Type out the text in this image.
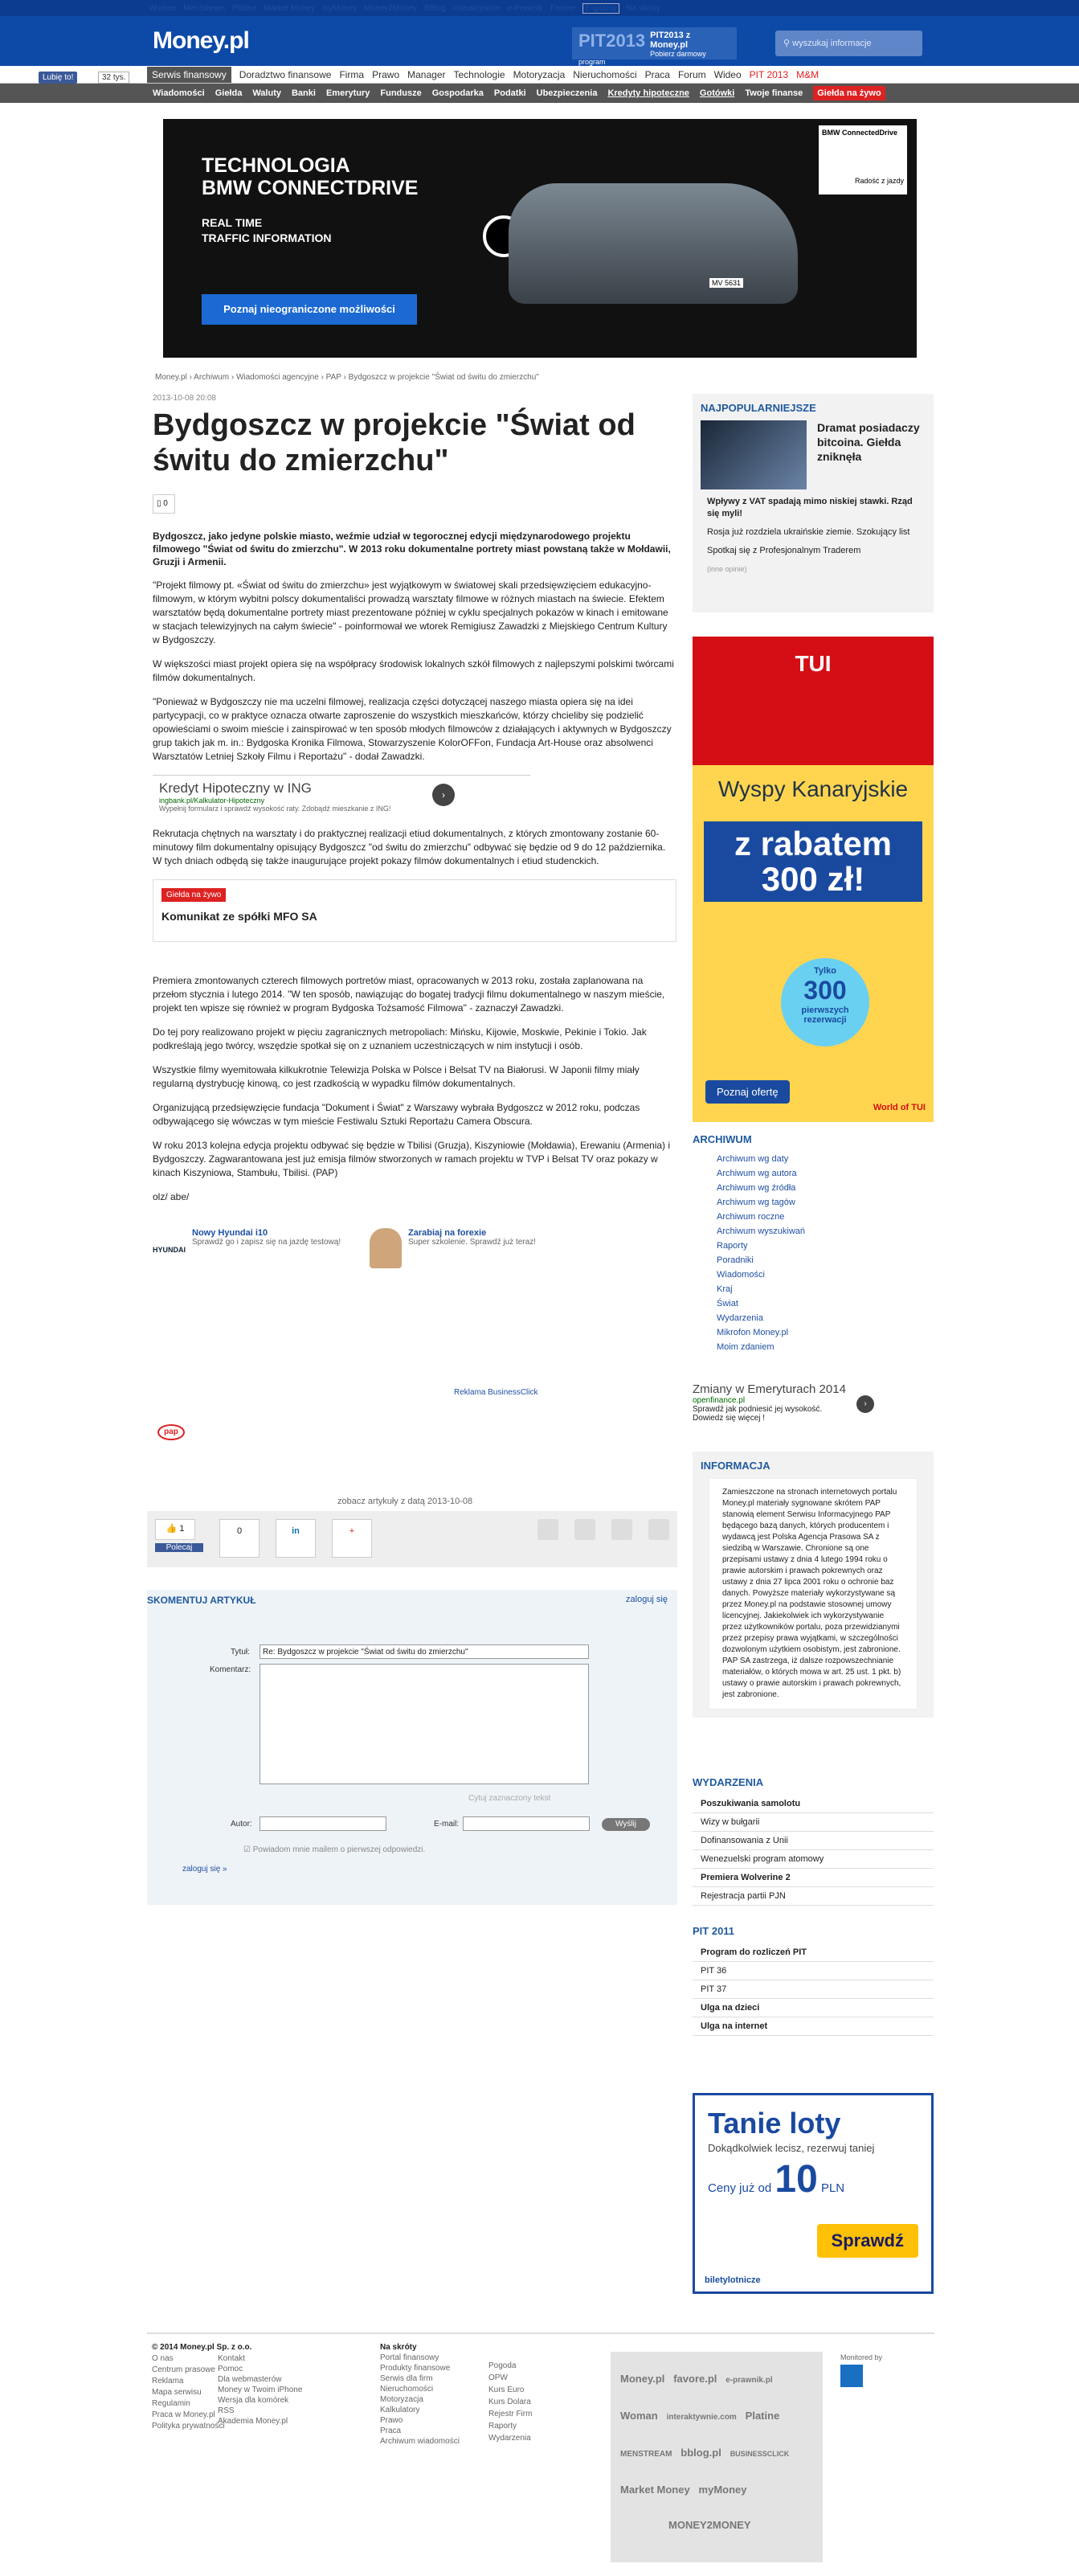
Woman MenStream Platine Market Money myMoney Money2Money BBlog Interaktywnie e-Prawnik Favore	E-gazety	Na skróty
Money.pl	PIT2013 PIT2013 z Money.pl
Pobierz darmowy program
⚲ wyszukaj informacje
Lubię to!	32 tys.	Serwis finansowy	Doradztwo finansowe Firma Prawo Manager Technologie Motoryzacja Nieruchomości Praca Forum Wideo PIT 2013 M&M
Wiadomości Giełda Waluty Banki Emerytury Fundusze Gospodarka Podatki Ubezpieczenia Kredyty hipoteczne Gotówki Twoje finanse	Giełda na żywo
TECHNOLOGIA
BMW CONNECTDRIVE
REAL TIME
TRAFFIC INFORMATION
Poznaj nieograniczone możliwości
MV 5631
BMW ConnectedDrive
Radość z jazdy
Money.pl › Archiwum › Wiadomości agencyjne › PAP › Bydgoszcz w projekcie "Świat od świtu do zmierzchu"
2013-10-08 20:08
Bydgoszcz w projekcie "Świat od świtu do zmierzchu"
▯ 0

Bydgoszcz, jako jedyne polskie miasto, weźmie udział w tegorocznej edycji międzynarodowego projektu filmowego "Świat od świtu do zmierzchu". W 2013 roku dokumentalne portrety miast powstaną także w Mołdawii, Gruzji i Armenii.

"Projekt filmowy pt. «Świat od świtu do zmierzchu» jest wyjątkowym w światowej skali przedsięwzięciem edukacyjno-filmowym, w którym wybitni polscy dokumentaliści prowadzą warsztaty filmowe w różnych miastach na świecie. Efektem warsztatów będą dokumentalne portrety miast prezentowane później w cyklu specjalnych pokazów w kinach i emitowane w stacjach telewizyjnych na całym świecie" - poinformował we wtorek Remigiusz Zawadzki z Miejskiego Centrum Kultury w Bydgoszczy.

W większości miast projekt opiera się na współpracy środowisk lokalnych szkół filmowych z najlepszymi polskimi twórcami filmów dokumentalnych.

"Ponieważ w Bydgoszczy nie ma uczelni filmowej, realizacja części dotyczącej naszego miasta opiera się na idei partycypacji, co w praktyce oznacza otwarte zaproszenie do wszystkich mieszkańców, którzy chcieliby się podzielić opowieściami o swoim mieście i zainspirować w ten sposób młodych filmowców z działających i aktywnych w Bydgoszczy grup takich jak m. in.: Bydgoska Kronika Filmowa, Stowarzyszenie KolorOFFon, Fundacja Art-House oraz absolwenci Warsztatów Letniej Szkoły Filmu i Reportażu" - dodał Zawadzki.

Kredyt Hipoteczny w ING
ingbank.pl/Kalkulator-Hipoteczny
Wypełnij formularz i sprawdź wysokość raty. Zdobądź mieszkanie z ING!
›

Rekrutacja chętnych na warsztaty i do praktycznej realizacji etiud dokumentalnych, z których zmontowany zostanie 60-minutowy film dokumentalny opisujący Bydgoszcz "od świtu do zmierzchu" odbywać się będzie od 9 do 12 października. W tych dniach odbędą się także inaugurujące projekt pokazy filmów dokumentalnych i etiud studenckich.

Giełda na żywo
Komunikat ze spółki MFO SA

Premiera zmontowanych czterech filmowych portretów miast, opracowanych w 2013 roku, została zaplanowana na przełom stycznia i lutego 2014. "W ten sposób, nawiązując do bogatej tradycji filmu dokumentalnego w naszym mieście, projekt ten wpisze się również w program Bydgoska Tożsamość Filmowa" - zaznaczył Zawadzki.

Do tej pory realizowano projekt w pięciu zagranicznych metropoliach: Mińsku, Kijowie, Moskwie, Pekinie i Tokio. Jak podkreślają jego twórcy, wszędzie spotkał się on z uznaniem uczestniczących w nim instytucji i osób.

Wszystkie filmy wyemitowała kilkukrotnie Telewizja Polska w Polsce i Belsat TV na Białorusi. W Japonii filmy miały regularną dystrybucję kinową, co jest rzadkością w wypadku filmów dokumentalnych.

Organizującą przedsięwzięcie fundacja "Dokument i Świat" z Warszawy wybrała Bydgoszcz w 2012 roku, podczas odbywającego się wówczas w tym mieście Festiwalu Sztuki Reportażu Camera Obscura.

W roku 2013 kolejna edycja projektu odbywać się będzie w Tbilisi (Gruzja), Kiszyniowie (Mołdawia), Erewaniu (Armenia) i Bydgoszczy. Zagwarantowana jest już emisja filmów stworzonych w ramach projektu w TVP i Belsat TV oraz pokazy w kinach Kiszyniowa, Stambułu, Tbilisi. (PAP)

olz/ abe/

HYUNDAI
Nowy Hyundai i10
Sprawdź go i zapisz się na jazdę testową!
Zarabiaj na forexie
Super szkolenie. Sprawdź już teraz!
Reklama BusinessClick
pap
zobacz artykuły z datą 2013-10-08
👍 1
Polecaj
0	in	+
SKOMENTUJ ARTYKUŁ	zaloguj się
Tytuł:	Re: Bydgoszcz w projekcie "Świat od świtu do zmierzchu"
Komentarz:
Cytuj zaznaczony tekst
Autor:	E-mail:	Wyślij
☑ Powiadom mnie mailem o pierwszej odpowiedzi.
zaloguj się »
NAJPOPULARNIEJSZE
Dramat posiadaczy bitcoina. Giełda zniknęła
Wpływy z VAT spadają mimo niskiej stawki. Rząd się myli!
Rosja już rozdziela ukraińskie ziemie. Szokujący list
Spotkaj się z Profesjonalnym Traderem
(inne opinie)
TUI
Wyspy Kanaryjskie
z rabatem 300 zł!
Tylko
300
pierwszych rezerwacji
Poznaj ofertę
World of TUI
ARCHIWUM
Archiwum wg daty
Archiwum wg autora
Archiwum wg źródła
Archiwum wg tagów
Archiwum roczne
Archiwum wyszukiwań
Raporty
Poradniki
Wiadomości
Kraj
Świat
Wydarzenia
Mikrofon Money.pl
Moim zdaniem
Zmiany w Emeryturach 2014
openfinance.pl
Sprawdź jak podniesić jej wysokość. Dowiedz się więcej !
›
INFORMACJA
Zamieszczone na stronach internetowych portalu Money.pl materiały sygnowane skrótem PAP stanowią element Serwisu Informacyjnego PAP będącego bazą danych, których producentem i wydawcą jest Polska Agencja Prasowa SA z siedzibą w Warszawie. Chronione są one przepisami ustawy z dnia 4 lutego 1994 roku o prawie autorskim i prawach pokrewnych oraz ustawy z dnia 27 lipca 2001 roku o ochronie baz danych. Powyższe materiały wykorzystywane są przez Money.pl na podstawie stosownej umowy licencyjnej. Jakiekolwiek ich wykorzystywanie przez użytkowników portalu, poza przewidzianymi przez przepisy prawa wyjątkami, w szczególności dozwolonym użytkiem osobistym, jest zabronione. PAP SA zastrzega, iż dalsze rozpowszechnianie materiałów, o których mowa w art. 25 ust. 1 pkt. b) ustawy o prawie autorskim i prawach pokrewnych, jest zabronione.
WYDARZENIA
Poszukiwania samolotu
Wizy w bułgarii
Dofinansowania z Unii
Wenezuelski program atomowy
Premiera Wolverine 2
Rejestracja partii PJN
PIT 2011
Program do rozliczeń PIT
PIT 36
PIT 37
Ulga na dzieci
Ulga na internet
Tanie loty
Dokądkolwiek lecisz, rezerwuj taniej
Ceny już od 10 PLN
Sprawdź
biletylotnicze
© 2014 Money.pl Sp. z o.o.
O nas
Centrum prasowe
Reklama
Mapa serwisu
Regulamin
Praca w Money.pl
Polityka prywatności
Kontakt
Pomoc
Dla webmasterów
Money w Twoim iPhone
Wersja dla komórek
RSS
Akademia Money.pl
Na skróty
Portal finansowy
Produkty finansowe
Serwis dla firm
Nieruchomości
Motoryzacja
Kalkulatory
Prawo
Praca
Archiwum wiadomości
Pogoda
OPW
Kurs Euro
Kurs Dolara
Rejestr Firm
Raporty
Wydarzenia
Money.pl favore.pl e-prawnik.pl
Woman interaktywnie.com Platine
MENSTREAM bblog.pl BUSINESSCLICK
Market Money myMoney
MONEY2MONEY
Monitored by
